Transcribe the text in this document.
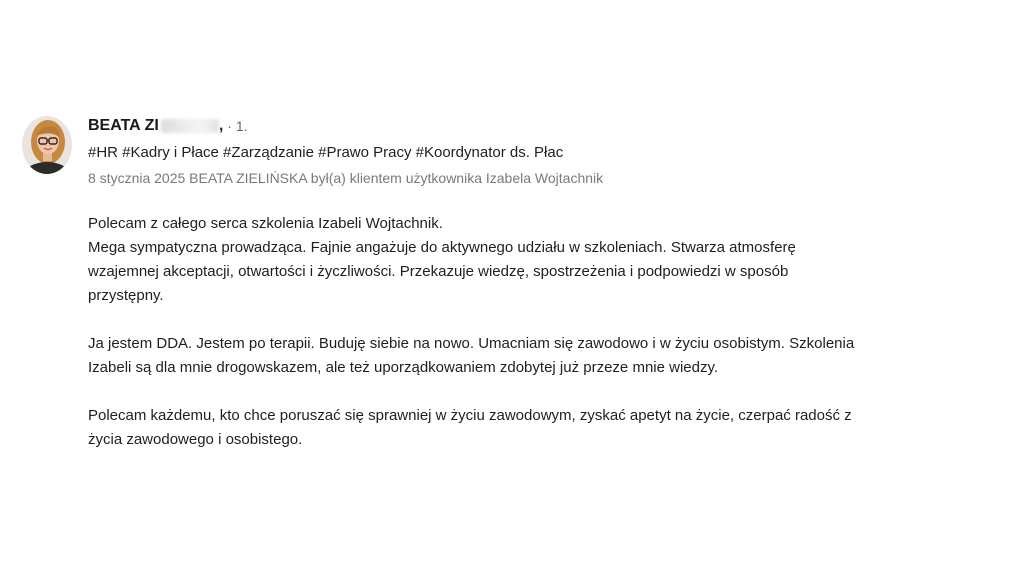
BEATA ZI	, · 1.
#HR #Kadry i Płace #Zarządzanie #Prawo Pracy #Koordynator ds. Płac
8 stycznia 2025 BEATA ZIELIŃSKA był(a) klientem użytkownika Izabela Wojtachnik

Polecam z całego serca szkolenia Izabeli Wojtachnik.
Mega sympatyczna prowadząca. Fajnie angażuje do aktywnego udziału w szkoleniach. Stwarza atmosferę
wzajemnej akceptacji, otwartości i życzliwości. Przekazuje wiedzę, spostrzeżenia i podpowiedzi w sposób
przystępny.

Ja jestem DDA. Jestem po terapii. Buduję siebie na nowo. Umacniam się zawodowo i w życiu osobistym. Szkolenia
Izabeli są dla mnie drogowskazem, ale też uporządkowaniem zdobytej już przeze mnie wiedzy.

Polecam każdemu, kto chce poruszać się sprawniej w życiu zawodowym, zyskać apetyt na życie, czerpać radość z
życia zawodowego i osobistego.
